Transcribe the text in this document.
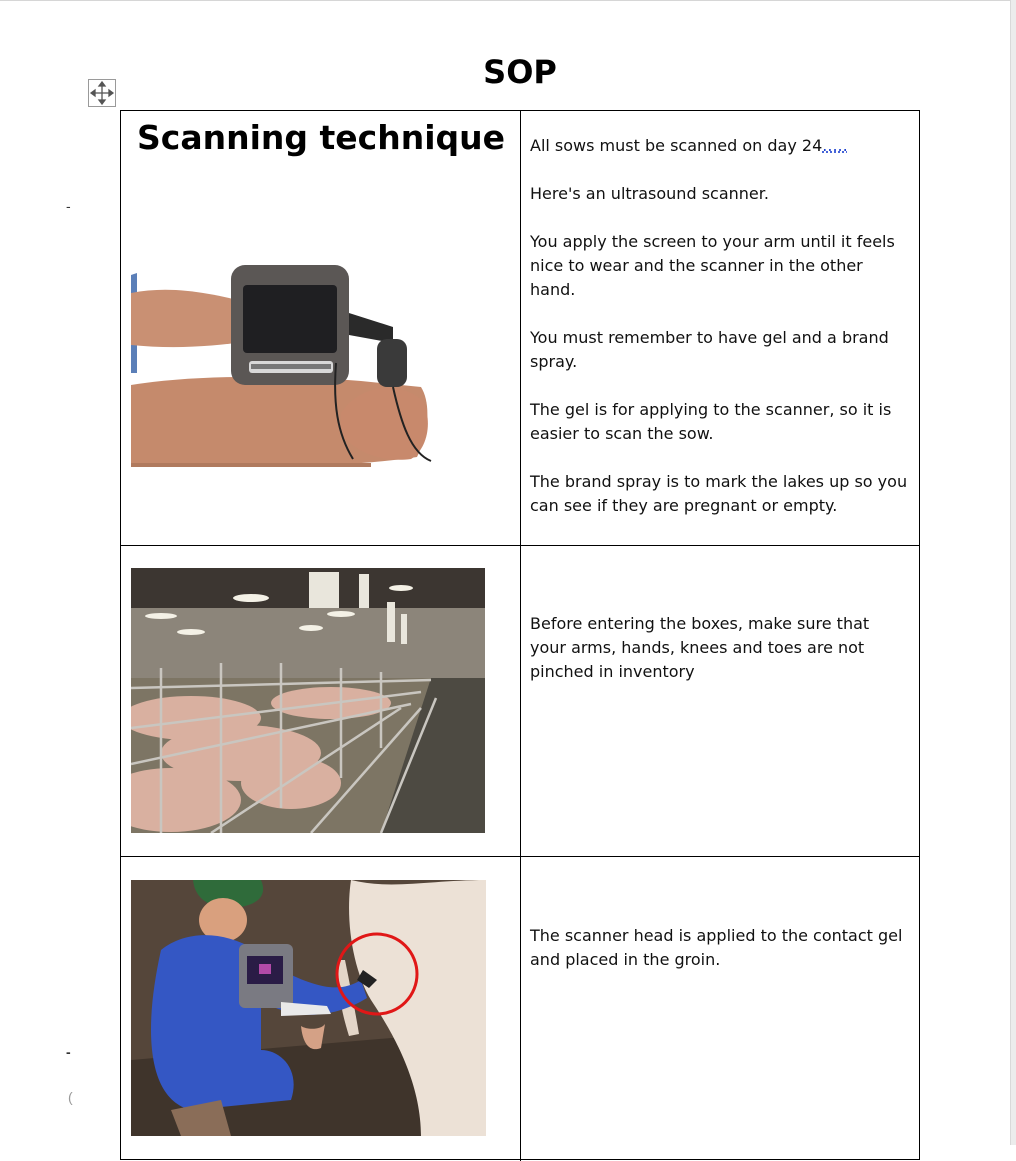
SOP
-
-
(
Scanning technique	All sows must be scanned on day 24.....

Here's an ultrasound scanner.

You apply the screen to your arm until it feels nice to wear and the scanner in the other hand.

You must remember to have gel and a brand spray.

The gel is for applying to the scanner, so it is easier to scan the sow.

The brand spray is to mark the lakes up so you can see if they are pregnant or empty.

Before entering the boxes, make sure that your arms, hands, knees and toes are not pinched in inventory

The scanner head is applied to the contact gel and placed in the groin.
